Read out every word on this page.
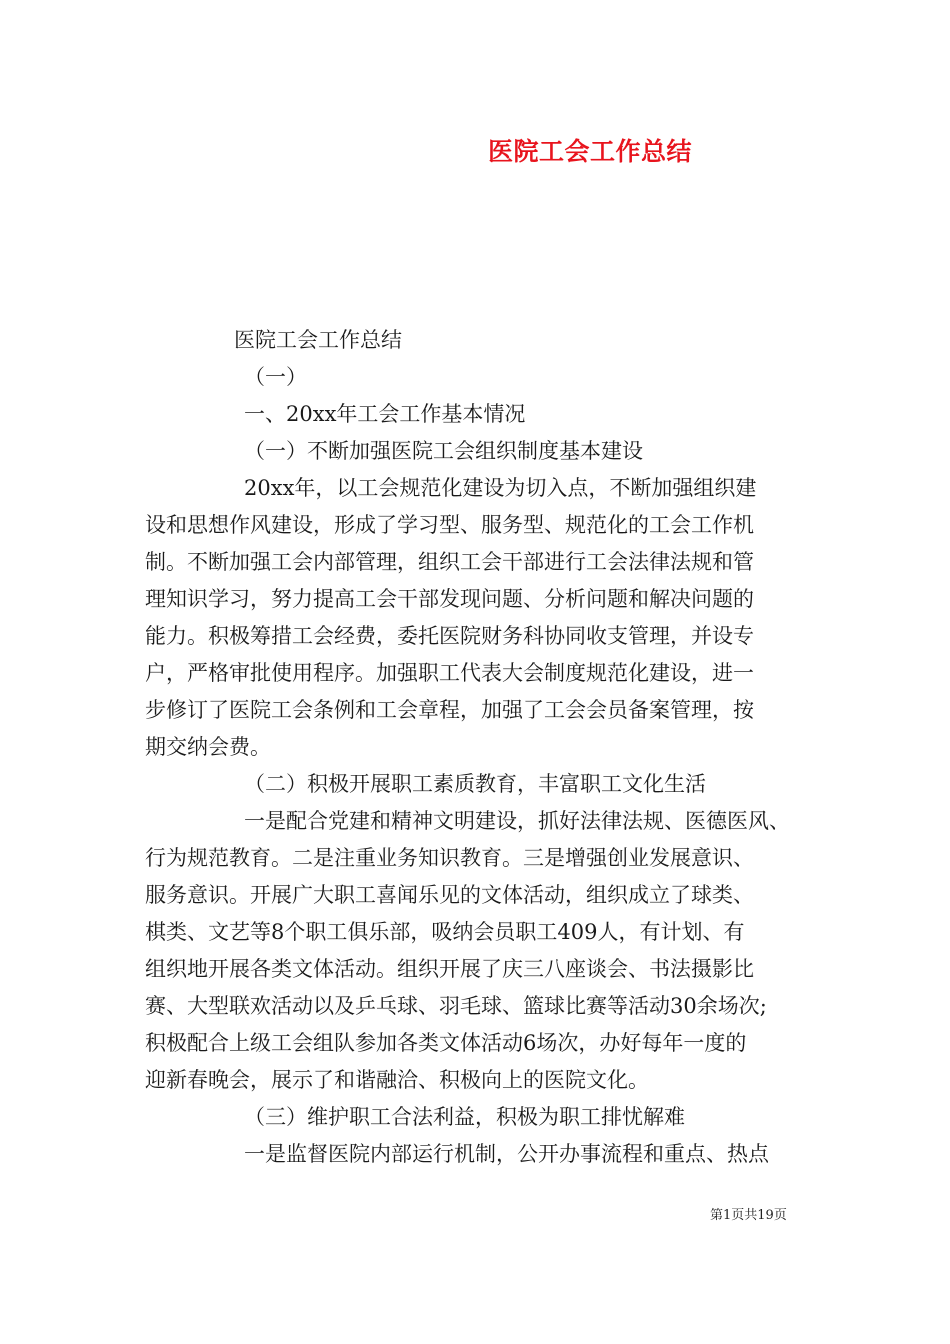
医院工会工作总结

医院工会工作总结

（一）

一、20xx年工会工作基本情况

（一）不断加强医院工会组织制度基本建设

20xx年，以工会规范化建设为切入点，不断加强组织建

设和思想作风建设，形成了学习型、服务型、规范化的工会工作机

制。不断加强工会内部管理，组织工会干部进行工会法律法规和管

理知识学习，努力提高工会干部发现问题、分析问题和解决问题的

能力。积极筹措工会经费，委托医院财务科协同收支管理，并设专

户，严格审批使用程序。加强职工代表大会制度规范化建设，进一

步修订了医院工会条例和工会章程，加强了工会会员备案管理，按

期交纳会费。

（二）积极开展职工素质教育，丰富职工文化生活

一是配合党建和精神文明建设，抓好法律法规、医德医风、

行为规范教育。二是注重业务知识教育。三是增强创业发展意识、

服务意识。开展广大职工喜闻乐见的文体活动，组织成立了球类、

棋类、文艺等8个职工俱乐部，吸纳会员职工409人，有计划、有

组织地开展各类文体活动。组织开展了庆三八座谈会、书法摄影比

赛、大型联欢活动以及乒乓球、羽毛球、篮球比赛等活动30余场次;

积极配合上级工会组队参加各类文体活动6场次，办好每年一度的

迎新春晚会，展示了和谐融洽、积极向上的医院文化。

（三）维护职工合法利益，积极为职工排忧解难

一是监督医院内部运行机制，公开办事流程和重点、热点

第1页共19页
